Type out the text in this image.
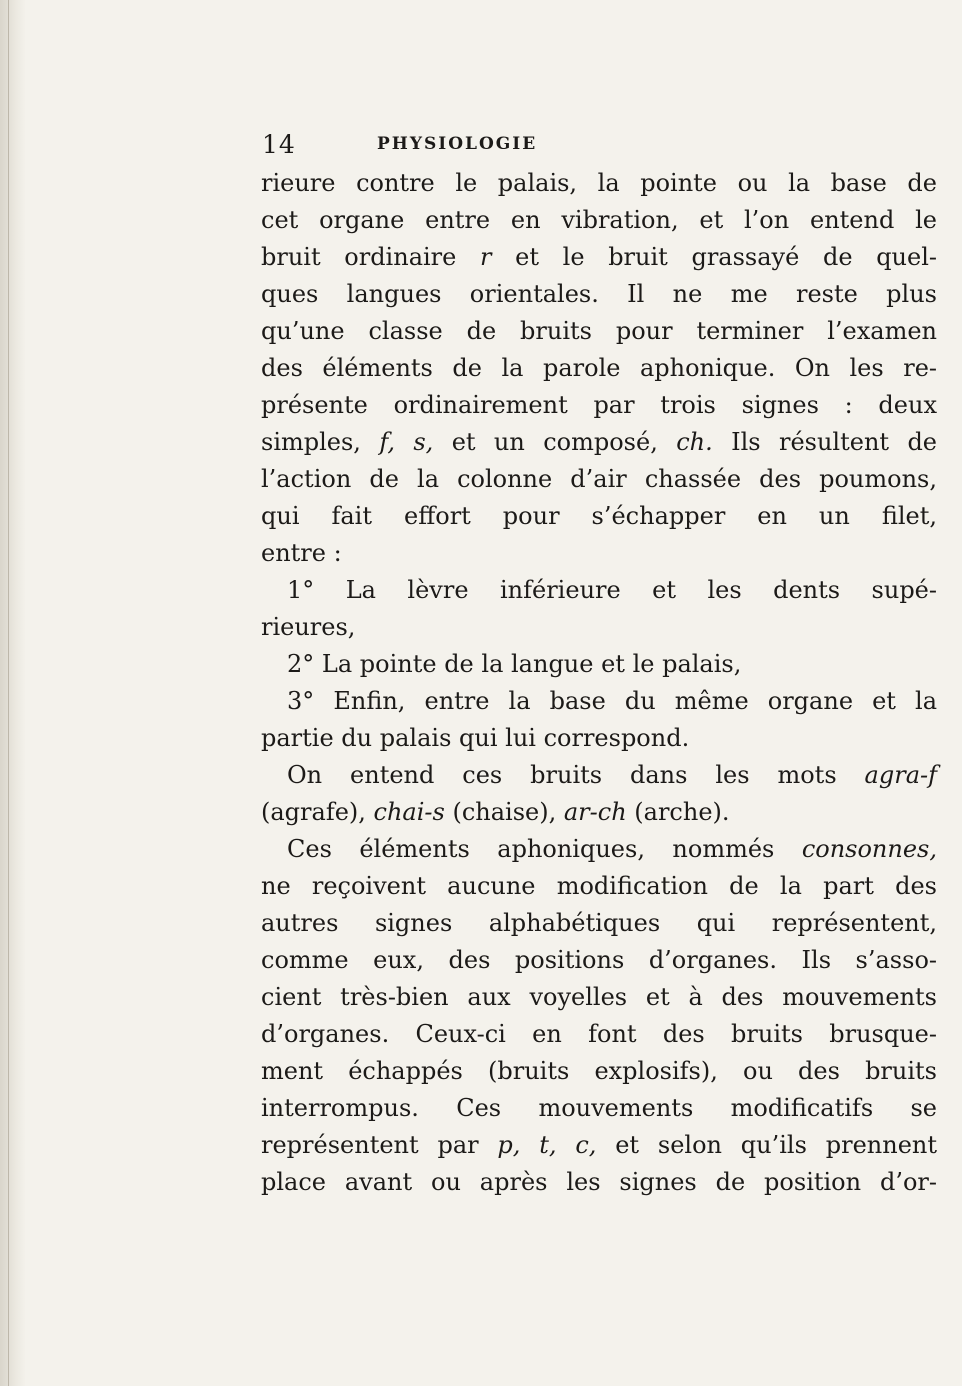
14	PHYSIOLOGIE
rieure contre le palais, la pointe ou la base de
cet organe entre en vibration, et l’on entend le
bruit ordinaire r et le bruit grassayé de quel-
ques langues orientales. Il ne me reste plus
qu’une classe de bruits pour terminer l’examen
des éléments de la parole aphonique. On les re-
présente ordinairement par trois signes : deux
simples, f, s, et un composé, ch. Ils résultent de
l’action de la colonne d’air chassée des poumons,
qui fait effort pour s’échapper en un filet,
entre :
1° La lèvre inférieure et les dents supé-
rieures,
2° La pointe de la langue et le palais,
3° Enfin, entre la base du même organe et la
partie du palais qui lui correspond.
On entend ces bruits dans les mots agra-f
(agrafe), chai-s (chaise), ar-ch (arche).
Ces éléments aphoniques, nommés consonnes,
ne reçoivent aucune modification de la part des
autres signes alphabétiques qui représentent,
comme eux, des positions d’organes. Ils s’asso-
cient très-bien aux voyelles et à des mouvements
d’organes. Ceux-ci en font des bruits brusque-
ment échappés (bruits explosifs), ou des bruits
interrompus. Ces mouvements modificatifs se
représentent par p, t, c, et selon qu’ils prennent
place avant ou après les signes de position d’or-
